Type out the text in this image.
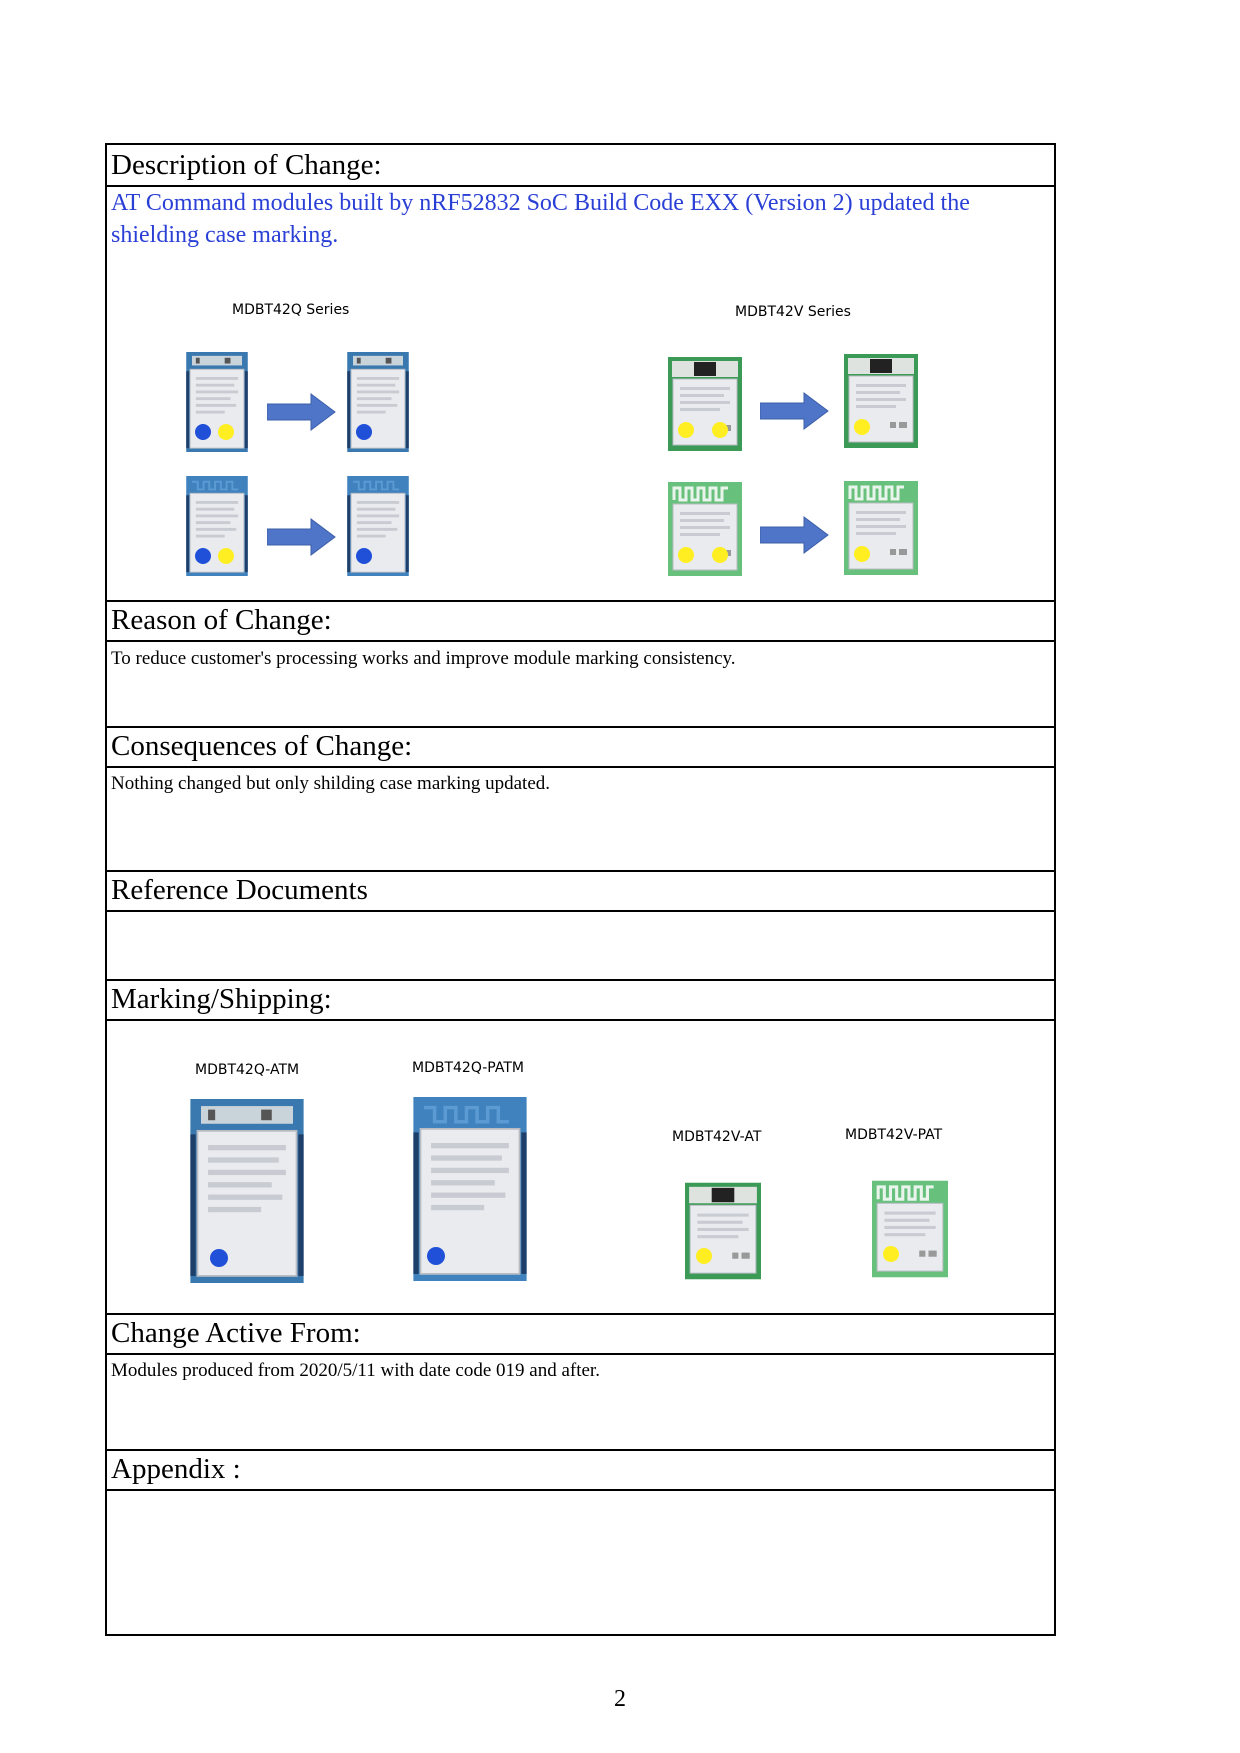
Description of Change:
AT Command modules built by nRF52832 SoC Build Code EXX (Version 2) updated the shielding case marking.
MDBT42Q Series	MDBT42V Series
Reason of Change:
To reduce customer's processing works and improve module marking consistency.
Consequences of Change:
Nothing changed but only shilding case marking updated.
Reference Documents
Marking/Shipping:
MDBT42Q-ATM	MDBT42Q-PATM
MDBT42V-AT	MDBT42V-PAT
Change Active From:
Modules produced from 2020/5/11 with date code 019 and after.
Appendix :
2
